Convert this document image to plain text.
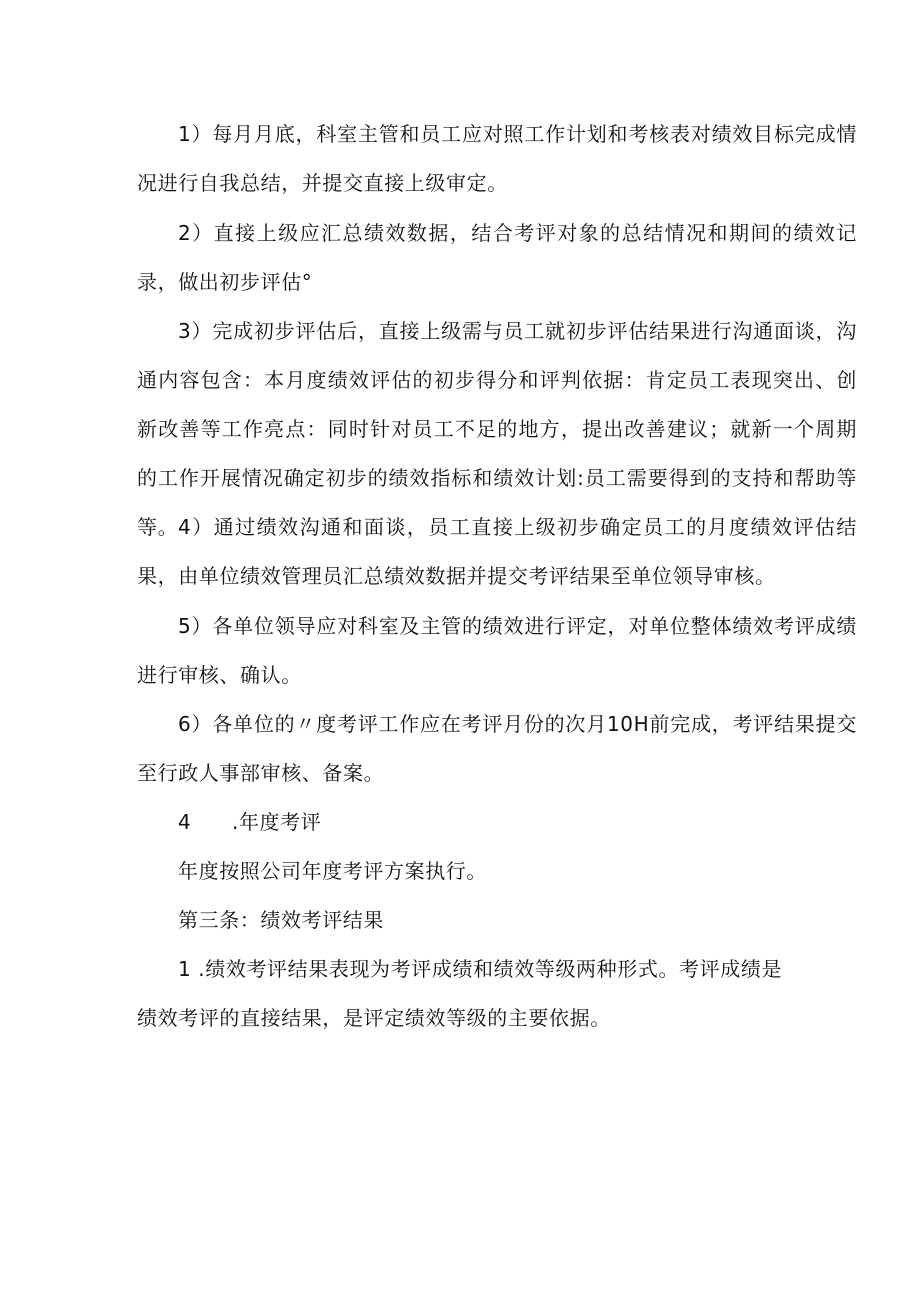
1）每月月底，科室主管和员工应对照工作计划和考核表对绩效目标完成情况进行自我总结，并提交直接上级审定。

2）直接上级应汇总绩效数据，结合考评对象的总结情况和期间的绩效记录，做出初步评估°

3）完成初步评估后，直接上级需与员工就初步评估结果进行沟通面谈，沟通内容包含：本月度绩效评估的初步得分和评判依据：肯定员工表现突出、创新改善等工作亮点：同时针对员工不足的地方，提出改善建议；就新一个周期的工作开展情况确定初步的绩效指标和绩效计划:员工需要得到的支持和帮助等等。 4）通过绩效沟通和面谈，员工直接上级初步确定员工的月度绩效评估结果，由单位绩效管理员汇总绩效数据并提交考评结果至单位领导审核。

5）各单位领导应对科室及主管的绩效进行评定，对单位整体绩效考评成绩进行审核、确认。

6）各单位的〃度考评工作应在考评月份的次月10H前完成，考评结果提交至行政人事部审核、备案。

4 .年度考评

年度按照公司年度考评方案执行。

第三条：绩效考评结果

1 .绩效考评结果表现为考评成绩和绩效等级两种形式。考评成绩是

绩效考评的直接结果，是评定绩效等级的主要依据。
